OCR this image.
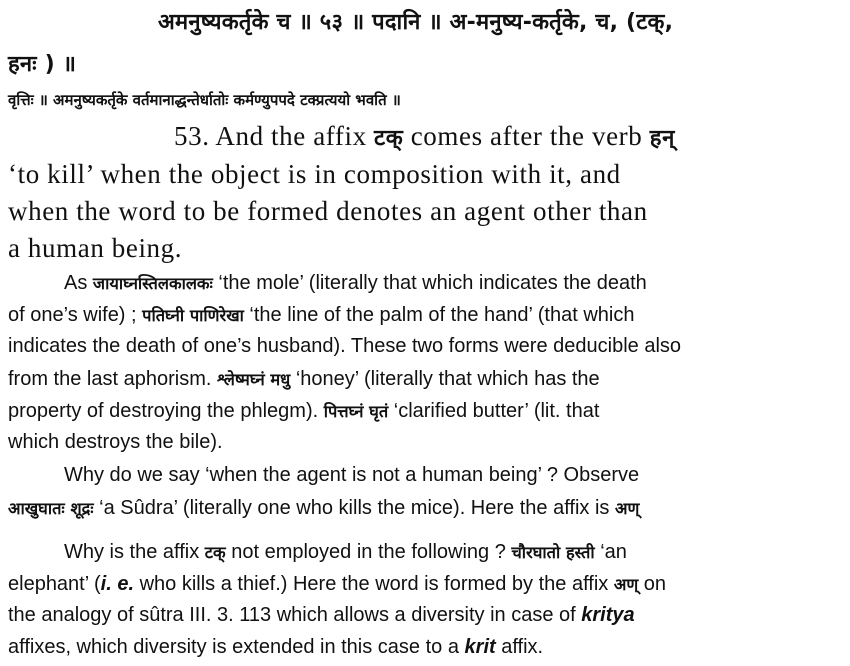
अमनुष्यकर्तृके च ॥ ५३ ॥ पदानि ॥ अ-मनुष्य-कर्तृके, च, (टक्,
हनः ) ॥
वृत्तिः ॥ अमनुष्यकर्तृके वर्तमानाद्धन्तेर्धातोः कर्मण्युपपदे टक्प्रत्ययो भवति ॥
53. And the affix टक् comes after the verb हन्
‘to kill’ when the object is in composition with it, and
when the word to be formed denotes an agent other than
a human being.
As जायाघ्नस्तिलकालकः ‘the mole’ (literally that which indicates the death
of one’s wife) ; पतिघ्नी पाणिरेखा ‘the line of the palm of the hand’ (that which
indicates the death of one’s husband). These two forms were deducible also
from the last aphorism. श्लेष्मघ्नं मधु ‘honey’ (literally that which has the
property of destroying the phlegm). पित्तघ्नं घृतं ‘clarified butter’ (lit. that
which destroys the bile).
Why do we say ‘when the agent is not a human being’ ? Observe
आखुघातः शूद्रः ‘a Sûdra’ (literally one who kills the mice). Here the affix is अण्
Why is the affix टक् not employed in the following ? चौरघातो हस्ती ‘an
elephant’ (i. e. who kills a thief.) Here the word is formed by the affix अण् on
the analogy of sûtra III. 3. 113 which allows a diversity in case of kritya
affixes, which diversity is extended in this case to a krit affix.
